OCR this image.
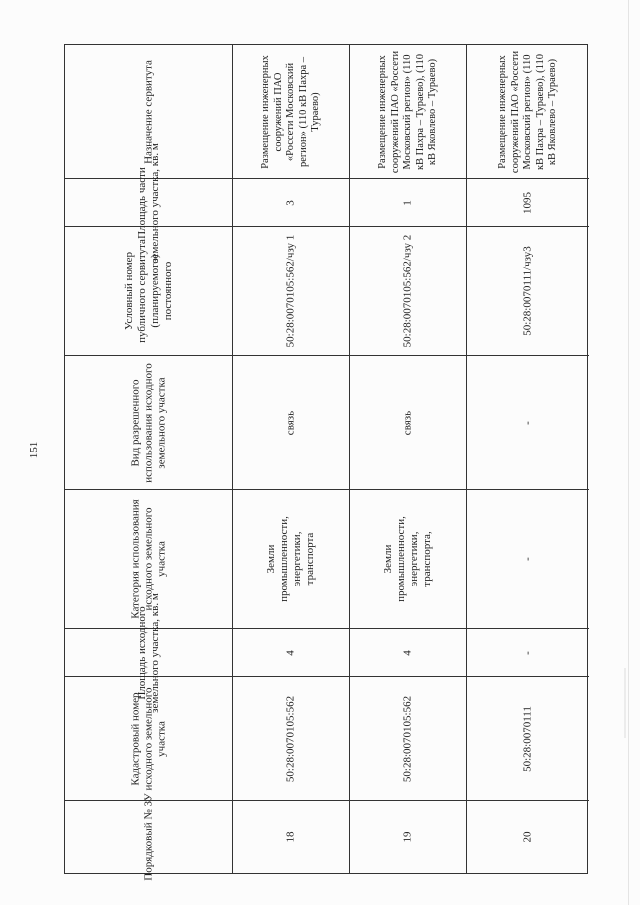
151
Назначение сервитута	Размещение инженерных сооружений ПАО «Россети Московский регион» (110 кВ Пахра – Тураево)	Размещение инженерных сооружений ПАО «Россети Московский регион» (110 кВ Пахра – Тураево), (110 кВ Яковлево – Тураево)	Размещение инженерных сооружений ПАО «Россети Московский регион» (110 кВ Пахра – Тураево), (110 кВ Яковлево – Тураево)
Площадь части земельного участка, кв. м	3	1	1095
Условный номер публичного сервитута (планируемого) постоянного	50:28:0070105:562/чзу 1	50:28:0070105:562/чзу 2	50:28:0070111/чзу3
Вид разрешенного использования исходного земельного участка	связь	связь	-
Категория использования исходного земельного участка	Земли промышленности, энергетики, транспорта	Земли промышленности, энергетики, транспорта,	-
Площадь исходного земельного участка, кв. м	4	4	-
Кадастровый номер исходного земельного участка	50:28:0070105:562	50:28:0070105:562	50:28:0070111
Порядковый № ЗУ	18	19	20
